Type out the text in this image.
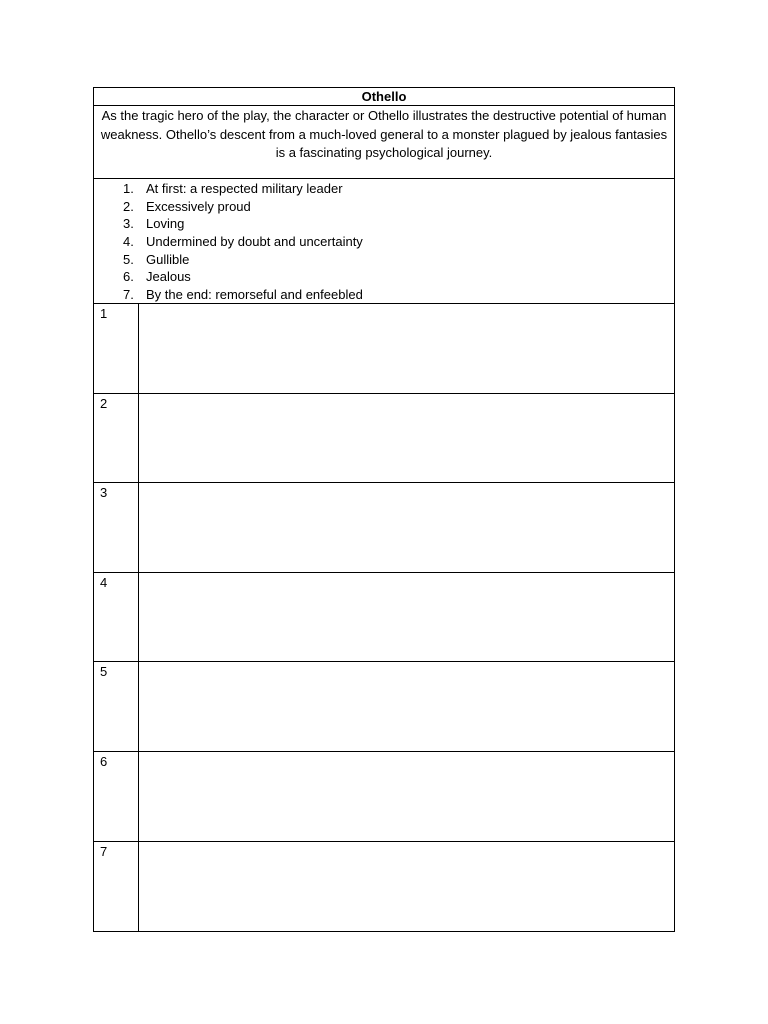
Othello
As the tragic hero of the play, the character or Othello illustrates the destructive potential of human weakness. Othello’s descent from a much-loved general to a monster plagued by jealous fantasies is a fascinating psychological journey.
1. At first: a respected military leader
2. Excessively proud
3. Loving
4. Undermined by doubt and uncertainty
5. Gullible
6. Jealous
7. By the end: remorseful and enfeebled
1
2
3
4
5
6
7
